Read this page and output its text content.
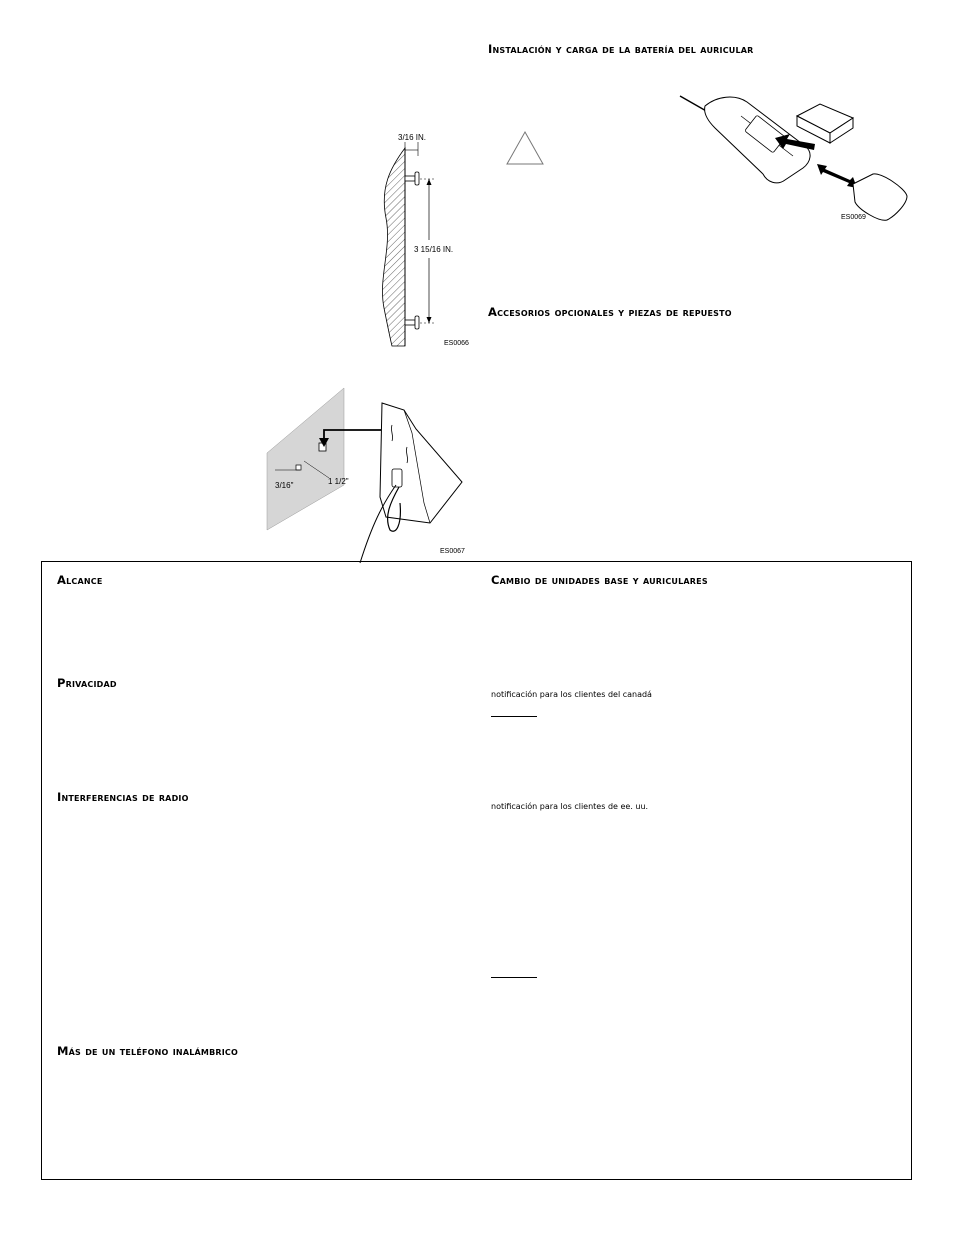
Instalación y carga de la batería del auricular
Accesorios opcionales y piezas de repuesto
3/16 IN.
3 15/16 IN.
ES0066
3/16"	1 1/2"
ES0067
ES0069
Alcance
Privacidad
Interferencias de radio
Más de un teléfono inalámbrico
Cambio de unidades base y auriculares
notificación para los clientes del canadá
notificación para los clientes de ee. uu.
